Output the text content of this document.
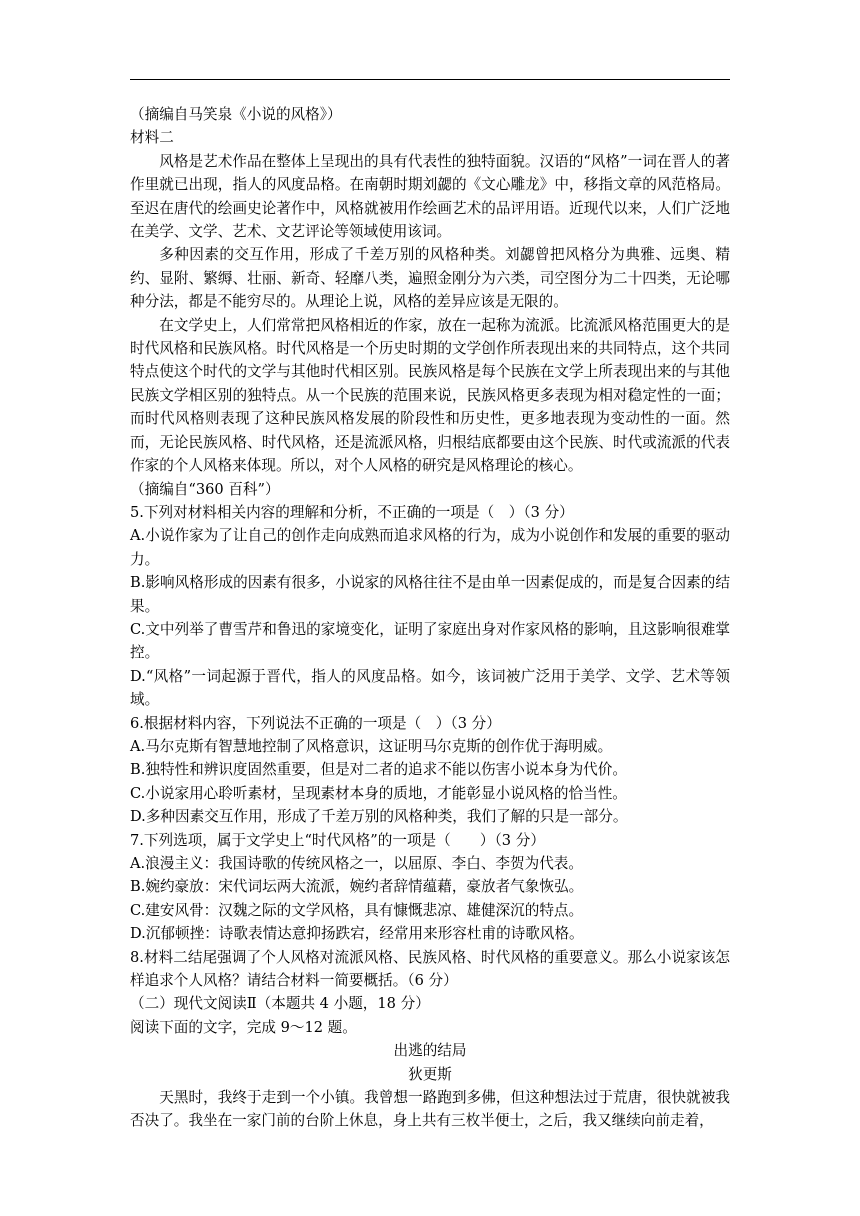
（摘编自马笑泉《小说的风格》）

材料二

风格是艺术作品在整体上呈现出的具有代表性的独特面貌。汉语的“风格”一词在晋人的著作里就已出现，指人的风度品格。在南朝时期刘勰的《文心雕龙》中，移指文章的风范格局。至迟在唐代的绘画史论著作中，风格就被用作绘画艺术的品评用语。近现代以来，人们广泛地在美学、文学、艺术、文艺评论等领域使用该词。

多种因素的交互作用，形成了千差万别的风格种类。刘勰曾把风格分为典雅、远奥、精约、显附、繁缛、壮丽、新奇、轻靡八类，遍照金刚分为六类，司空图分为二十四类，无论哪种分法，都是不能穷尽的。从理论上说，风格的差异应该是无限的。

在文学史上，人们常常把风格相近的作家，放在一起称为流派。比流派风格范围更大的是时代风格和民族风格。时代风格是一个历史时期的文学创作所表现出来的共同特点，这个共同特点使这个时代的文学与其他时代相区别。民族风格是每个民族在文学上所表现出来的与其他民族文学相区别的独特点。从一个民族的范围来说，民族风格更多表现为相对稳定性的一面；而时代风格则表现了这种民族风格发展的阶段性和历史性，更多地表现为变动性的一面。然而，无论民族风格、时代风格，还是流派风格，归根结底都要由这个民族、时代或流派的代表作家的个人风格来体现。所以，对个人风格的研究是风格理论的核心。

（摘编自“360 百科”）

5.下列对材料相关内容的理解和分析，不正确的一项是（　）（3 分）

A.小说作家为了让自己的创作走向成熟而追求风格的行为，成为小说创作和发展的重要的驱动力。

B.影响风格形成的因素有很多，小说家的风格往往不是由单一因素促成的，而是复合因素的结果。

C.文中列举了曹雪芹和鲁迅的家境变化，证明了家庭出身对作家风格的影响，且这影响很难掌控。

D.“风格”一词起源于晋代，指人的风度品格。如今，该词被广泛用于美学、文学、艺术等领域。

6.根据材料内容，下列说法不正确的一项是（　）（3 分）

A.马尔克斯有智慧地控制了风格意识，这证明马尔克斯的创作优于海明威。

B.独特性和辨识度固然重要，但是对二者的追求不能以伤害小说本身为代价。

C.小说家用心聆听素材，呈现素材本身的质地，才能彰显小说风格的恰当性。

D.多种因素交互作用，形成了千差万别的风格种类，我们了解的只是一部分。

7.下列选项，属于文学史上“时代风格”的一项是（　　）（3 分）

A.浪漫主义：我国诗歌的传统风格之一，以屈原、李白、李贺为代表。

B.婉约豪放：宋代词坛两大流派，婉约者辞情蕴藉，豪放者气象恢弘。

C.建安风骨：汉魏之际的文学风格，具有慷慨悲凉、雄健深沉的特点。

D.沉郁顿挫：诗歌表情达意抑扬跌宕，经常用来形容杜甫的诗歌风格。

8.材料二结尾强调了个人风格对流派风格、民族风格、时代风格的重要意义。那么小说家该怎样追求个人风格？请结合材料一简要概括。（6 分）

（二）现代文阅读Ⅱ（本题共 4 小题，18 分）

阅读下面的文字，完成 9～12 题。

出逃的结局

狄更斯

天黑时，我终于走到一个小镇。我曾想一路跑到多佛，但这种想法过于荒唐，很快就被我否决了。我坐在一家门前的台阶上休息，身上共有三枚半便士，之后，我又继续向前走着，
